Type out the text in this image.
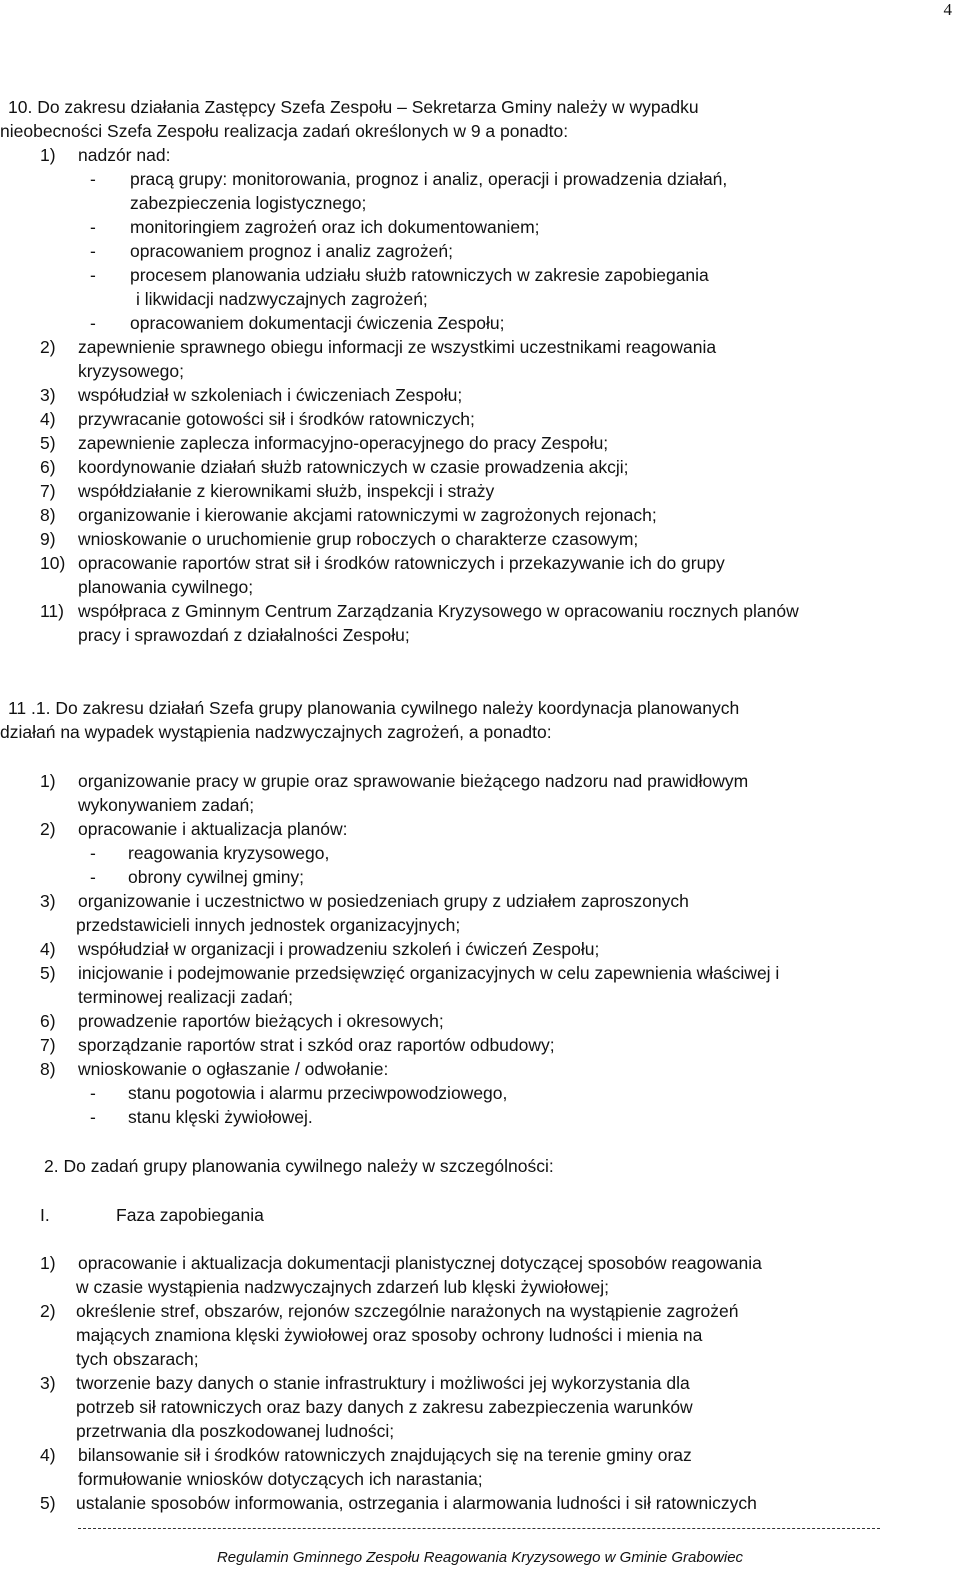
4
10. Do zakresu działania Zastępcy Szefa Zespołu – Sekretarza Gminy należy w wypadku
nieobecności Szefa Zespołu realizacja zadań określonych w 9 a ponadto:
1) nadzór nad:
- pracą grupy: monitorowania, prognoz i analiz, operacji i prowadzenia działań,
zabezpieczenia logistycznego;
- monitoringiem zagrożeń oraz ich dokumentowaniem;
- opracowaniem prognoz i analiz zagrożeń;
- procesem planowania udziału służb ratowniczych w zakresie zapobiegania
i likwidacji nadzwyczajnych zagrożeń;
- opracowaniem dokumentacji ćwiczenia Zespołu;
2) zapewnienie sprawnego obiegu informacji ze wszystkimi uczestnikami reagowania
kryzysowego;
3) współudział w szkoleniach i ćwiczeniach Zespołu;
4) przywracanie gotowości sił i środków ratowniczych;
5) zapewnienie zaplecza informacyjno-operacyjnego do pracy Zespołu;
6) koordynowanie działań służb ratowniczych w czasie prowadzenia akcji;
7) współdziałanie z kierownikami służb, inspekcji i straży
8) organizowanie i kierowanie akcjami ratowniczymi w zagrożonych rejonach;
9) wnioskowanie o uruchomienie grup roboczych o charakterze czasowym;
10) opracowanie raportów strat sił i środków ratowniczych i przekazywanie ich do grupy
planowania cywilnego;
11) współpraca z Gminnym Centrum Zarządzania Kryzysowego w opracowaniu rocznych planów
pracy i sprawozdań z działalności Zespołu;
11 .1. Do zakresu działań Szefa grupy planowania cywilnego należy koordynacja planowanych
działań na wypadek wystąpienia nadzwyczajnych zagrożeń, a ponadto:
1) organizowanie pracy w grupie oraz sprawowanie bieżącego nadzoru nad prawidłowym
wykonywaniem zadań;
2) opracowanie i aktualizacja planów:
- reagowania kryzysowego,
- obrony cywilnej gminy;
3) organizowanie i uczestnictwo w posiedzeniach grupy z udziałem zaproszonych
przedstawicieli innych jednostek organizacyjnych;
4) współudział w organizacji i prowadzeniu szkoleń i ćwiczeń Zespołu;
5) inicjowanie i podejmowanie przedsięwzięć organizacyjnych w celu zapewnienia właściwej i
terminowej realizacji zadań;
6) prowadzenie raportów bieżących i okresowych;
7) sporządzanie raportów strat i szkód oraz raportów odbudowy;
8) wnioskowanie o ogłaszanie / odwołanie:
- stanu pogotowia i alarmu przeciwpowodziowego,
- stanu klęski żywiołowej.
2. Do zadań grupy planowania cywilnego należy w szczególności:
I.	Faza zapobiegania
1) opracowanie i aktualizacja dokumentacji planistycznej dotyczącej sposobów reagowania
w czasie wystąpienia nadzwyczajnych zdarzeń lub klęski żywiołowej;
2) określenie stref, obszarów, rejonów szczególnie narażonych na wystąpienie zagrożeń
mających znamiona klęski żywiołowej oraz sposoby ochrony ludności i mienia na
tych obszarach;
3) tworzenie bazy danych o stanie infrastruktury i możliwości jej wykorzystania dla
potrzeb sił ratowniczych oraz bazy danych z zakresu zabezpieczenia warunków
przetrwania dla poszkodowanej ludności;
4) bilansowanie sił i środków ratowniczych znajdujących się na terenie gminy oraz
formułowanie wniosków dotyczących ich narastania;
5) ustalanie sposobów informowania, ostrzegania i alarmowania ludności i sił ratowniczych
Regulamin Gminnego Zespołu Reagowania Kryzysowego w Gminie Grabowiec
